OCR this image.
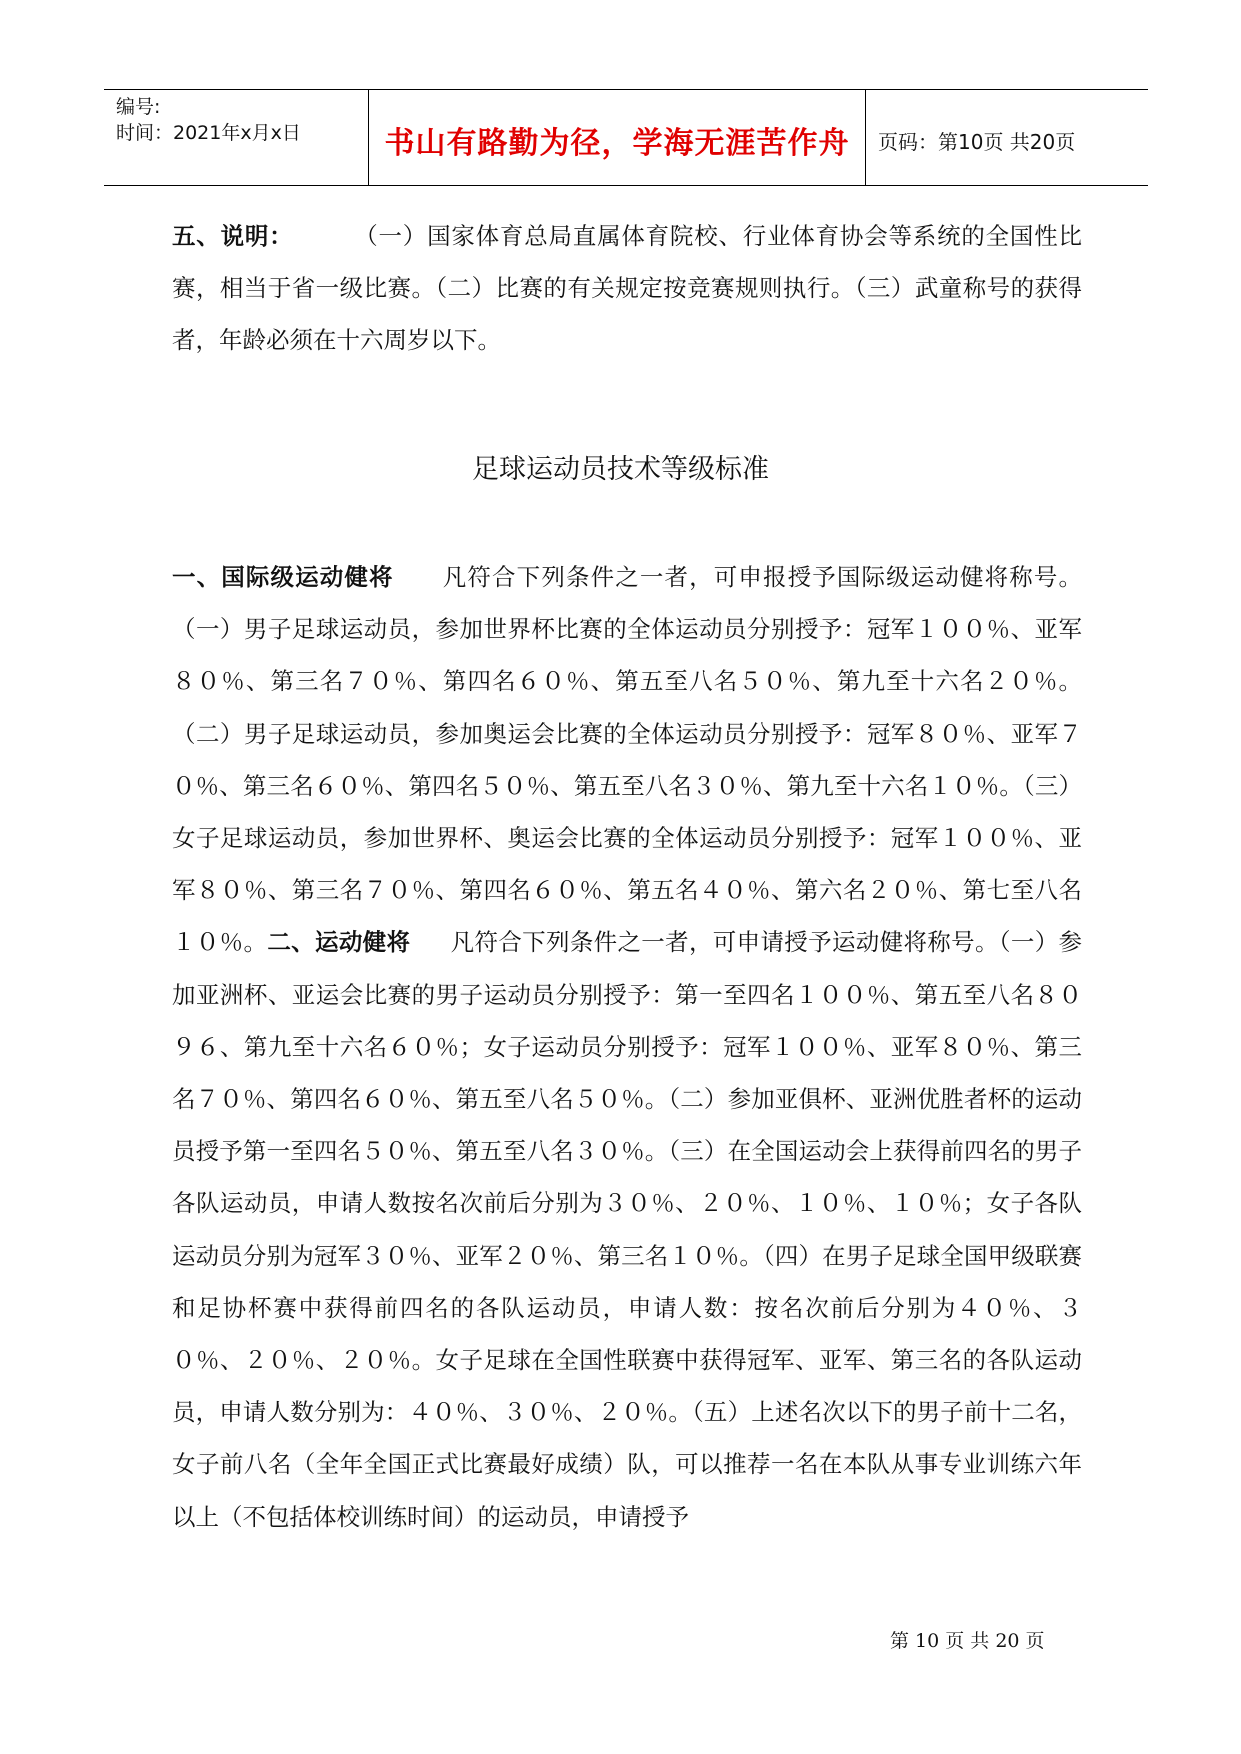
编号:
时间：2021年x月x日	书山有路勤为径，学海无涯苦作舟	页码：第10页 共20页
五、说明：	（一）国家体育总局直属体育院校、行业体育协会等系统的全国性比赛，相当于省一级比赛。（二）比赛的有关规定按竞赛规则执行。（三）武童称号的获得者，年龄必须在十六周岁以下。
足球运动员技术等级标准
一、国际级运动健将 凡符合下列条件之一者，可申报授予国际级运动健将称号。（一）男子足球运动员，参加世界杯比赛的全体运动员分别授予：冠军１００％、亚军８０％、第三名７０％、第四名６０％、第五至八名５０％、第九至十六名２０％。（二）男子足球运动员，参加奥运会比赛的全体运动员分别授予：冠军８０％、亚军７０％、第三名６０％、第四名５０％、第五至八名３０％、第九至十六名１０％。（三）女子足球运动员，参加世界杯、奥运会比赛的全体运动员分别授予：冠军１００％、亚军８０％、第三名７０％、第四名６０％、第五名４０％、第六名２０％、第七至八名１０％。二、运动健将 凡符合下列条件之一者，可申请授予运动健将称号。（一）参加亚洲杯、亚运会比赛的男子运动员分别授予：第一至四名１００％、第五至八名８０９６、第九至十六名６０％；女子运动员分别授予：冠军１００％、亚军８０％、第三名７０％、第四名６０％、第五至八名５０％。（二）参加亚俱杯、亚洲优胜者杯的运动员授予第一至四名５０％、第五至八名３０％。（三）在全国运动会上获得前四名的男子各队运动员，申请人数按名次前后分别为３０％、２０％、１０％、１０％；女子各队运动员分别为冠军３０％、亚军２０％、第三名１０％。（四）在男子足球全国甲级联赛和足协杯赛中获得前四名的各队运动员，申请人数：按名次前后分别为４０％、３０％、２０％、２０％。女子足球在全国性联赛中获得冠军、亚军、第三名的各队运动员，申请人数分别为：４０％、３０％、２０％。（五）上述名次以下的男子前十二名，女子前八名（全年全国正式比赛最好成绩）队，可以推荐一名在本队从事专业训练六年以上（不包括体校训练时间）的运动员，申请授予
第 10 页 共 20 页
